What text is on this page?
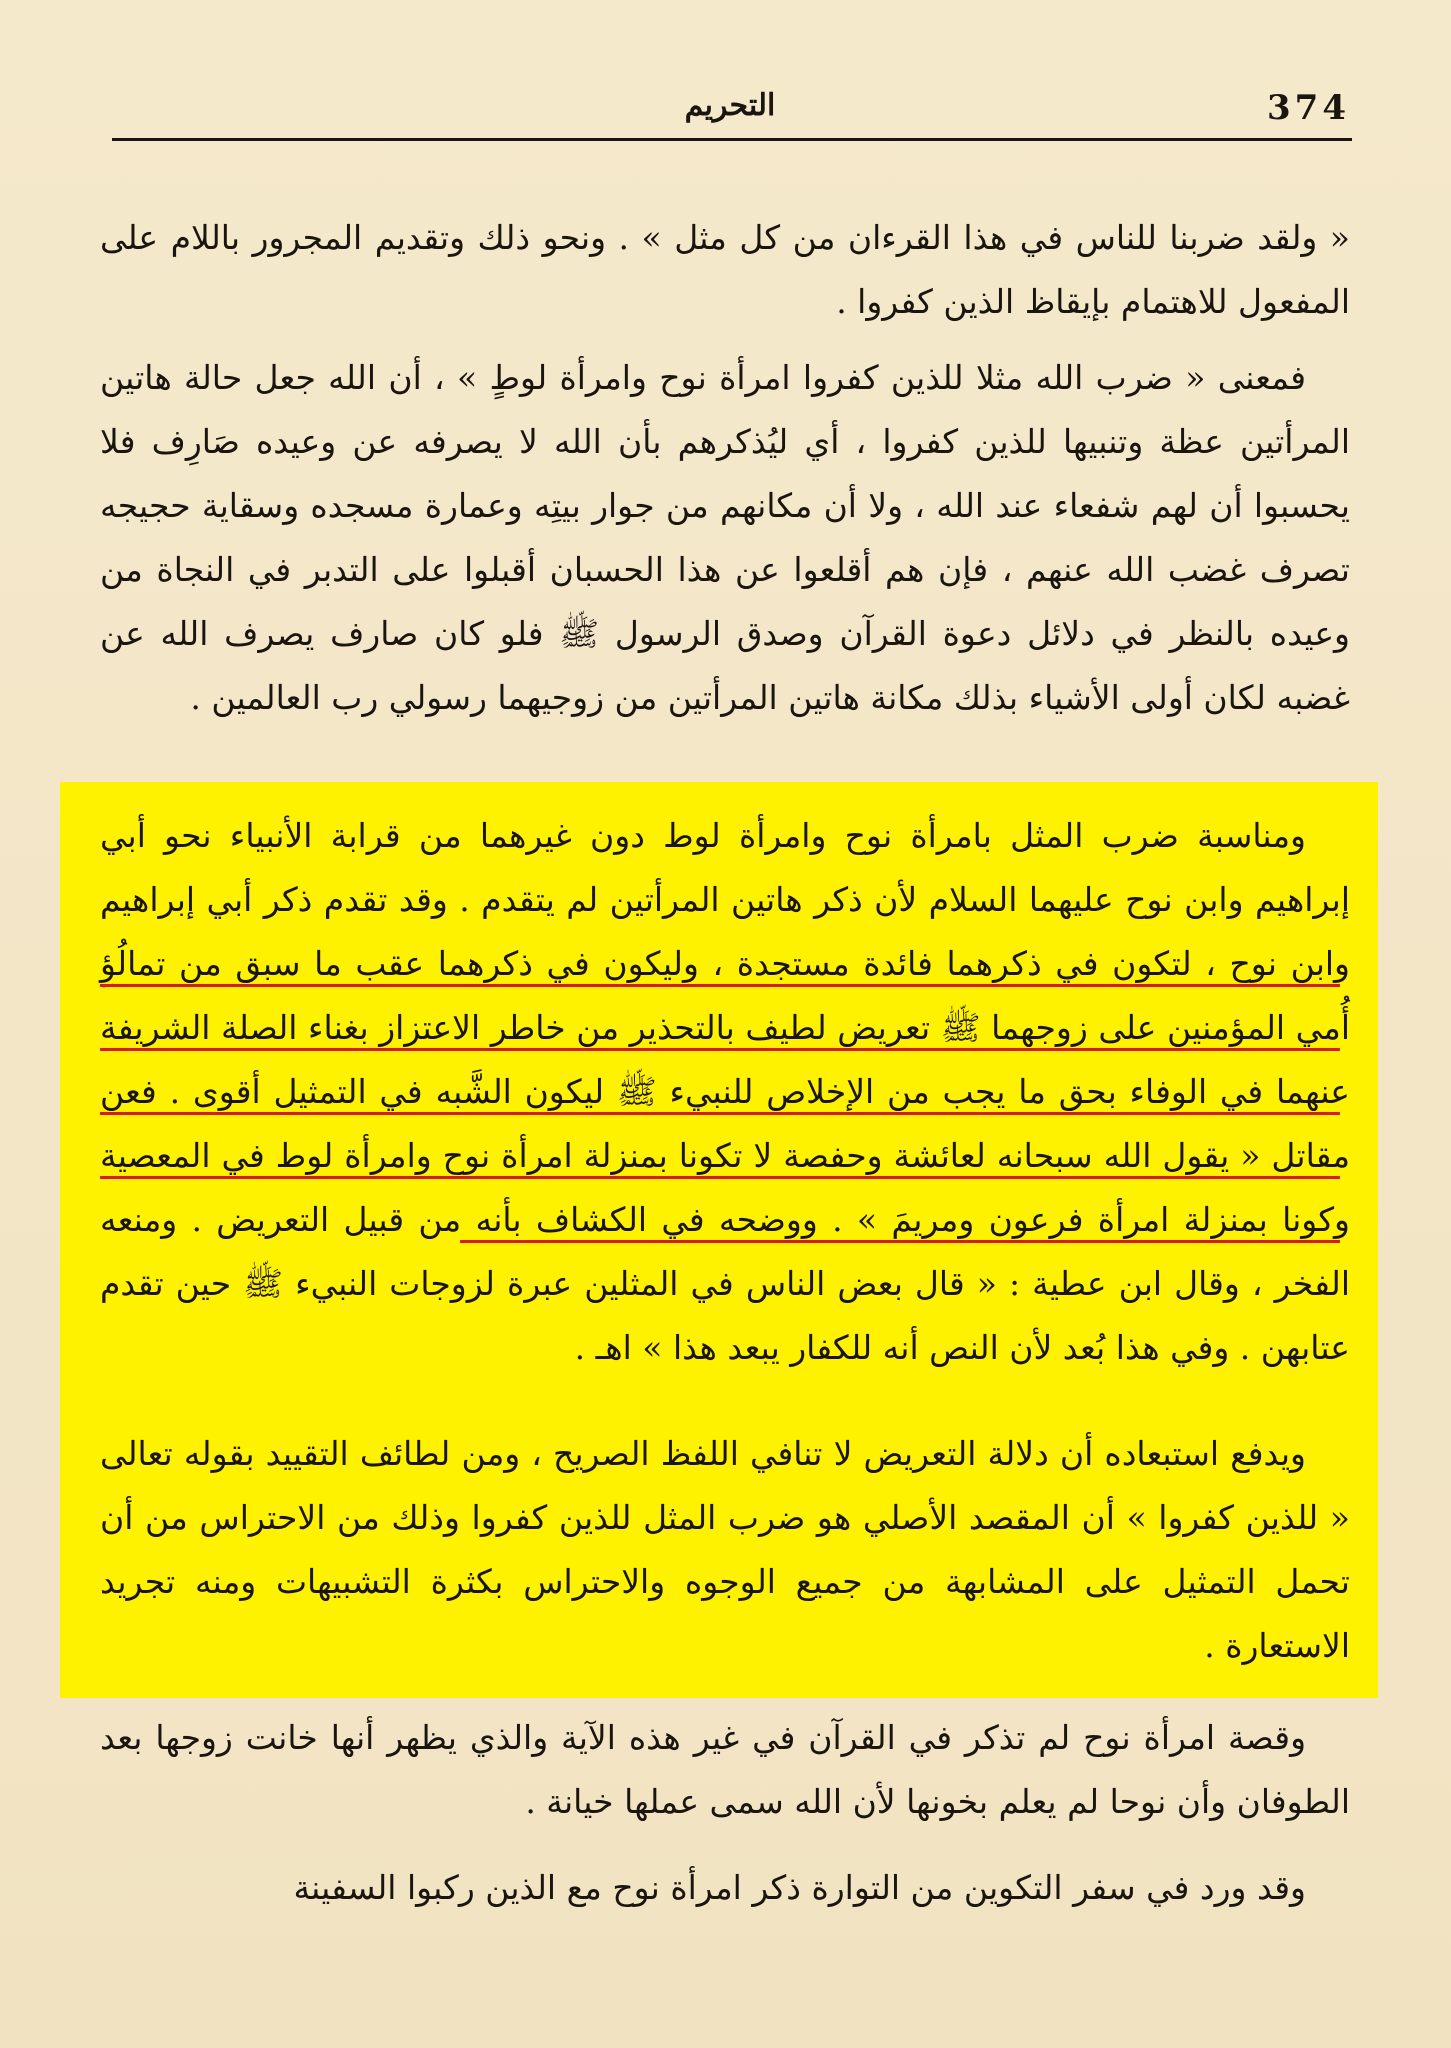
374
التحريم

« ولقد ضربنا للناس في هذا القرءان من كل مثل » . ونحو ذلك وتقديم المجرور باللام على المفعول للاهتمام بإيقاظ الذين كفروا .

فمعنى « ضرب الله مثلا للذين كفروا امرأة نوح وامرأة لوطٍ » ، أن الله جعل حالة هاتين المرأتين عظة وتنبيها للذين كفروا ، أي ليُذكرهم بأن الله لا يصرفه عن وعيده صَارِف فلا يحسبوا أن لهم شفعاء عند الله ، ولا أن مكانهم من جوار بيتِه وعمارة مسجده وسقاية حجيجه تصرف غضب الله عنهم ، فإن هم أقلعوا عن هذا الحسبان أقبلوا على التدبر في النجاة من وعيده بالنظر في دلائل دعوة القرآن وصدق الرسول ﷺ فلو كان صارف يصرف الله عن غضبه لكان أولى الأشياء بذلك مكانة هاتين المرأتين من زوجيهما رسولي رب العالمين .

ومناسبة ضرب المثل بامرأة نوح وامرأة لوط دون غيرهما من قرابة الأنبياء نحو أبي إبراهيم وابن نوح عليهما السلام لأن ذكر هاتين المرأتين لم يتقدم . وقد تقدم ذكر أبي إبراهيم وابن نوح ، لتكون في ذكرهما فائدة مستجدة ، وليكون في ذكرهما عقب ما سبق من تمالُؤِ أُمي المؤمنين على زوجهما ﷺ تعريض لطيف بالتحذير من خاطر الاعتزاز بغناء الصلة الشريفة عنهما في الوفاء بحق ما يجب من الإخلاص للنبيء ﷺ ليكون الشَّبه في التمثيل أقوى . فعن مقاتل « يقول الله سبحانه لعائشة وحفصة لا تكونا بمنزلة امرأة نوح وامرأة لوط في المعصية وكونا بمنزلة امرأة فرعون ومريمَ » . ووضحه في الكشاف بأنه من قبيل التعريض . ومنعه الفخر ، وقال ابن عطية : « قال بعض الناس في المثلين عبرة لزوجات النبيء ﷺ حين تقدم عتابهن . وفي هذا بُعد لأن النص أنه للكفار يبعد هذا » اهـ .

ويدفع استبعاده أن دلالة التعريض لا تنافي اللفظ الصريح ، ومن لطائف التقييد بقوله تعالى « للذين كفروا » أن المقصد الأصلي هو ضرب المثل للذين كفروا وذلك من الاحتراس من أن تحمل التمثيل على المشابهة من جميع الوجوه والاحتراس بكثرة التشبيهات ومنه تجريد الاستعارة .

وقصة امرأة نوح لم تذكر في القرآن في غير هذه الآية والذي يظهر أنها خانت زوجها بعد الطوفان وأن نوحا لم يعلم بخونها لأن الله سمى عملها خيانة .

وقد ورد في سفر التكوين من التوارة ذكر امرأة نوح مع الذين ركبوا السفينة
